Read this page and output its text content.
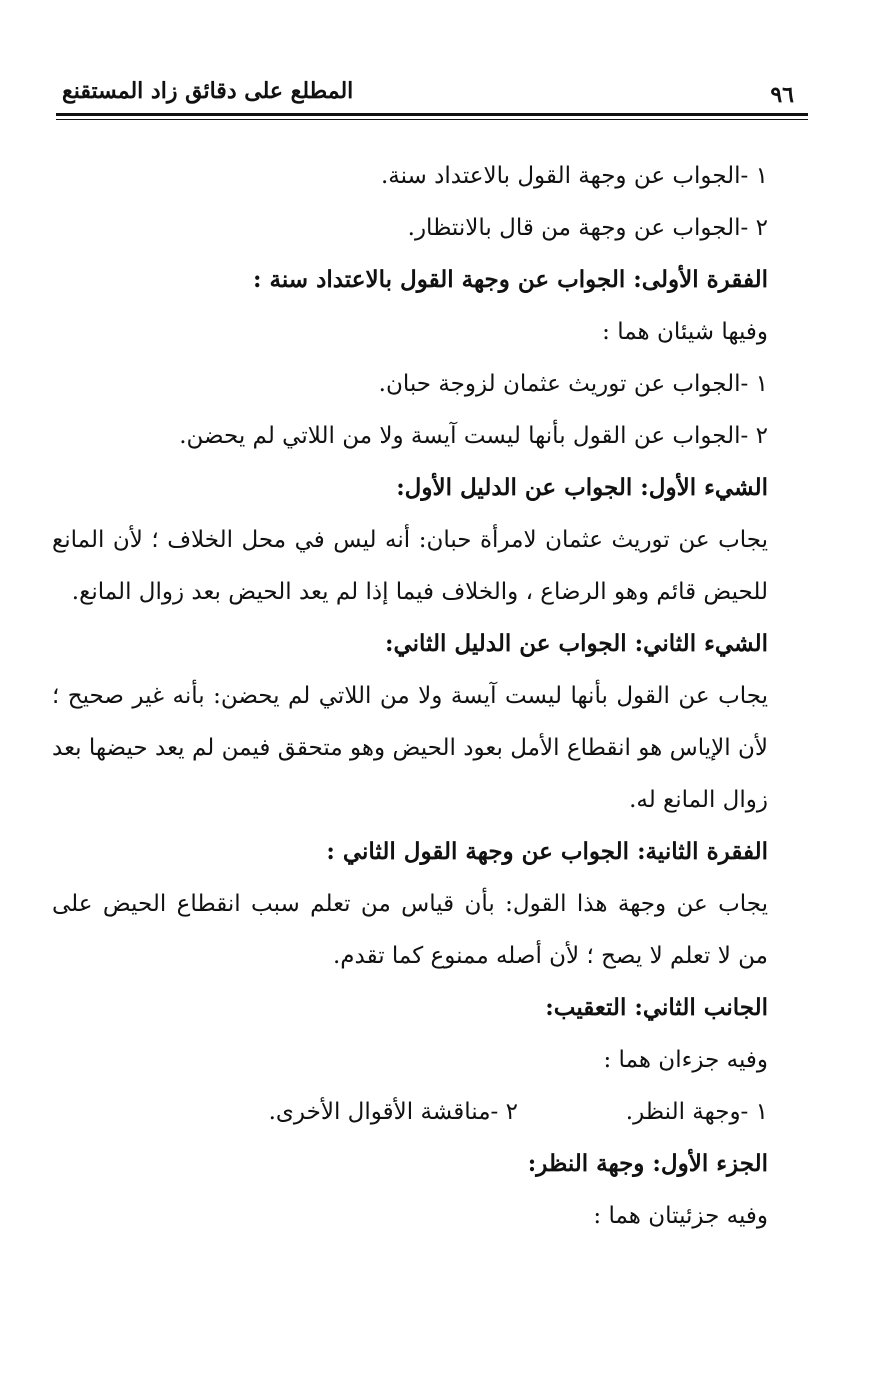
٩٦
المطلع على دقائق زاد المستقنع

١ -الجواب عن وجهة القول بالاعتداد سنة.

٢ -الجواب عن وجهة من قال بالانتظار.

الفقرة الأولى: الجواب عن وجهة القول بالاعتداد سنة :

وفيها شيئان هما :

١ -الجواب عن توريث عثمان لزوجة حبان.

٢ -الجواب عن القول بأنها ليست آيسة ولا من اللاتي لم يحضن.

الشيء الأول: الجواب عن الدليل الأول:

يجاب عن توريث عثمان لامرأة حبان: أنه ليس في محل الخلاف ؛ لأن المانع للحيض قائم وهو الرضاع ، والخلاف فيما إذا لم يعد الحيض بعد زوال المانع.

الشيء الثاني: الجواب عن الدليل الثاني:

يجاب عن القول بأنها ليست آيسة ولا من اللاتي لم يحضن: بأنه غير صحيح ؛ لأن الإياس هو انقطاع الأمل بعود الحيض وهو متحقق فيمن لم يعد حيضها بعد زوال المانع له.

الفقرة الثانية: الجواب عن وجهة القول الثاني :

يجاب عن وجهة هذا القول: بأن قياس من تعلم سبب انقطاع الحيض على من لا تعلم لا يصح ؛ لأن أصله ممنوع كما تقدم.

الجانب الثاني: التعقيب:

وفيه جزءان هما :

١ -وجهة النظر.
٢ -مناقشة الأقوال الأخرى.

الجزء الأول: وجهة النظر:

وفيه جزئيتان هما :
